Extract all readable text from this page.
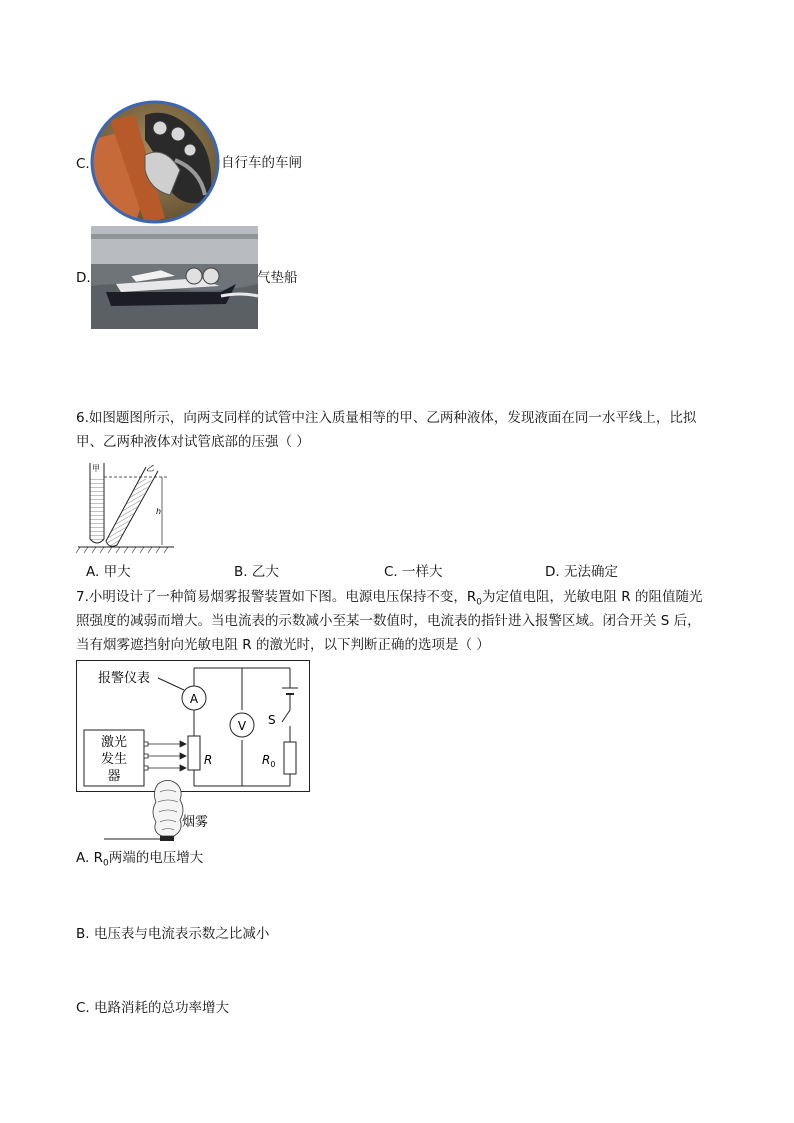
C.	自行车的车闸
D.	气垫船
6.如图题图所示，向两支同样的试管中注入质量相等的甲、乙两种液体，发现液面在同一水平线上，比拟
甲、乙两种液体对试管底部的压强（ ）
甲	乙
h
A. 甲大	B. 乙大	C. 一样大	D. 无法确定
7.小明设计了一种简易烟雾报警装置如下图。电源电压保持不变，$R_0$为定值电阻，光敏电阻 R 的阻值随光
照强度的减弱而增大。当电流表的示数减小至某一数值时，电流表的指针进入报警区域。闭合开关 S 后，
当有烟雾遮挡射向光敏电阻 R 的激光时，以下判断正确的选项是（ ）
A
V
R
S
$R_0$
报警仪表
激光
发生
器
烟雾
A. $R_0$两端的电压增大
B. 电压表与电流表示数之比减小
C. 电路消耗的总功率增大
